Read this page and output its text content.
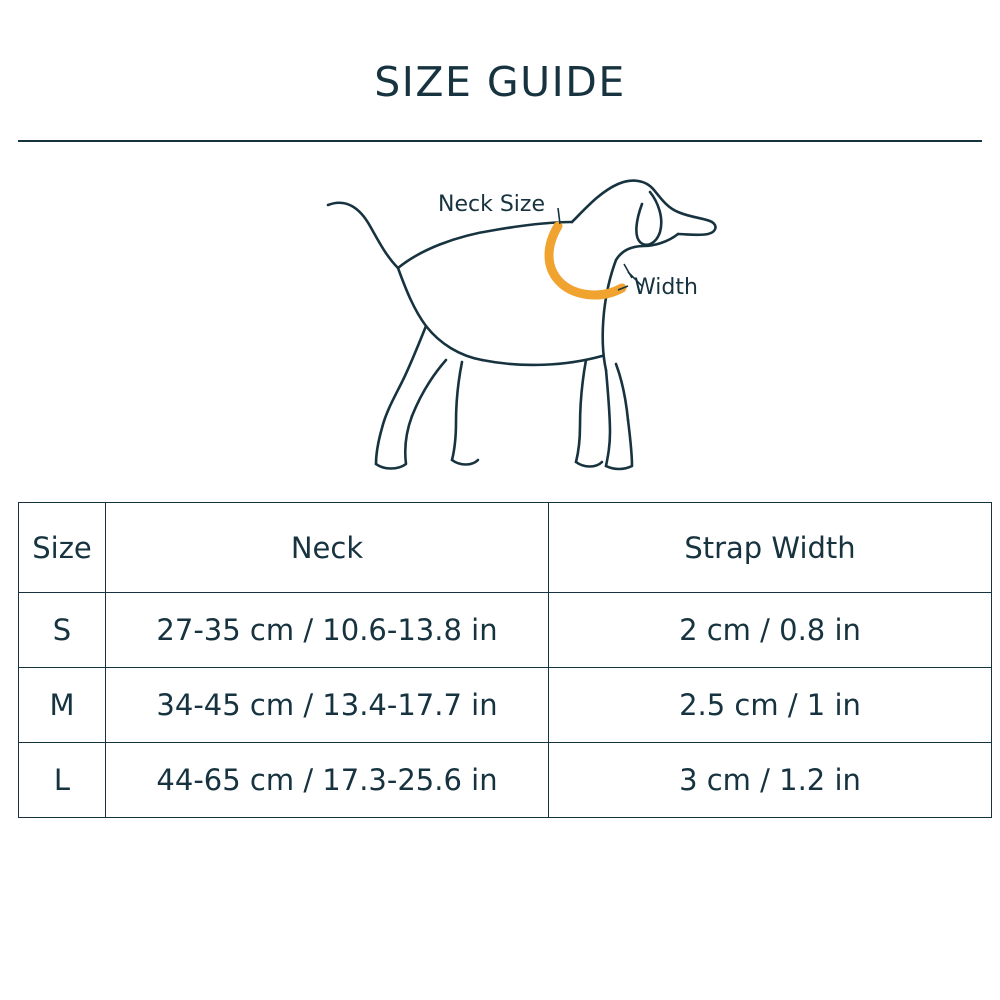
SIZE GUIDE
Neck Size
Width
Size	Neck	Strap Width
S	27-35 cm / 10.6-13.8 in	2 cm / 0.8 in
M	34-45 cm / 13.4-17.7 in	2.5 cm / 1 in
L	44-65 cm / 17.3-25.6 in	3 cm / 1.2 in
